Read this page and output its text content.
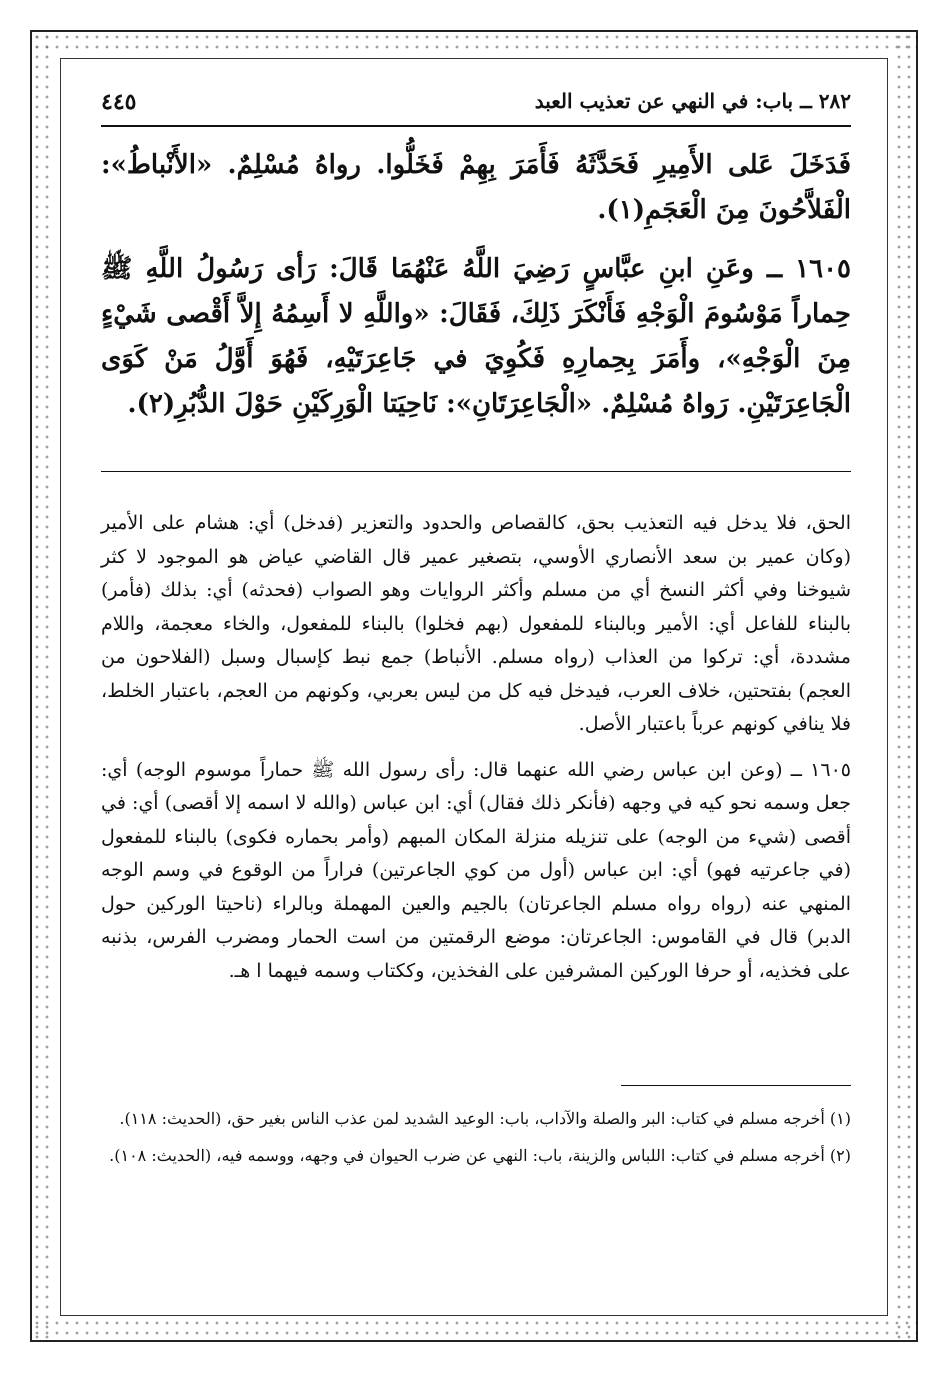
٤٤٥	٢٨٢ ــ باب: في النهي عن تعذيب العبد

فَدَخَلَ عَلى الأَمِيرِ فَحَدَّثَهُ فَأَمَرَ بِهِمْ فَخَلُّوا. رواهُ مُسْلِمٌ. «الأَنْباطُ»: الْفَلاَّحُونَ مِنَ الْعَجَمِ(١).

١٦٠٥ ــ وعَنِ ابنِ عبَّاسٍ رَضِيَ اللَّهُ عَنْهُمَا قَالَ: رَأى رَسُولُ اللَّهِ ﷺ حِماراً مَوْسُومَ الْوَجْهِ فَأَنْكَرَ ذَلِكَ، فَقَالَ: «واللَّهِ لا أَسِمُهُ إِلاَّ أَقْصى شَيْءٍ مِنَ الْوَجْهِ»، وأَمَرَ بِحِمارِهِ فَكُوِيَ في جَاعِرَتَيْهِ، فَهُوَ أَوَّلُ مَنْ كَوَى الْجَاعِرَتَيْنِ. رَواهُ مُسْلِمٌ. «الْجَاعِرَتَانِ»: نَاحِيَتا الْوَرِكَيْنِ حَوْلَ الدُّبُرِ(٢).

الحق، فلا يدخل فيه التعذيب بحق، كالقصاص والحدود والتعزير (فدخل) أي: هشام على الأمير (وكان عمير بن سعد الأنصاري الأوسي، بتصغير عمير قال القاضي عياض هو الموجود لا كثر شيوخنا وفي أكثر النسخ أي من مسلم وأكثر الروايات وهو الصواب (فحدثه) أي: بذلك (فأمر) بالبناء للفاعل أي: الأمير وبالبناء للمفعول (بهم فخلوا) بالبناء للمفعول، والخاء معجمة، واللام مشددة، أي: تركوا من العذاب (رواه مسلم. الأنباط) جمع نبط كإسبال وسبل (الفلاحون من العجم) بفتحتين، خلاف العرب، فيدخل فيه كل من ليس بعربي، وكونهم من العجم، باعتبار الخلط، فلا ينافي كونهم عرباً باعتبار الأصل.

١٦٠٥ ــ (وعن ابن عباس رضي الله عنهما قال: رأى رسول الله ﷺ حماراً موسوم الوجه) أي: جعل وسمه نحو كيه في وجهه (فأنكر ذلك فقال) أي: ابن عباس (والله لا اسمه إلا أقصى) أي: في أقصى (شيء من الوجه) على تنزيله منزلة المكان المبهم (وأمر بحماره فكوى) بالبناء للمفعول (في جاعرتيه فهو) أي: ابن عباس (أول من كوي الجاعرتين) فراراً من الوقوع في وسم الوجه المنهي عنه (رواه رواه مسلم الجاعرتان) بالجيم والعين المهملة وبالراء (ناحيتا الوركين حول الدبر) قال في القاموس: الجاعرتان: موضع الرقمتين من است الحمار ومضرب الفرس، بذنبه على فخذيه، أو حرفا الوركين المشرفين على الفخذين، وككتاب وسمه فيهما ا هـ.

(١) أخرجه مسلم في كتاب: البر والصلة والآداب، باب: الوعيد الشديد لمن عذب الناس بغير حق، (الحديث: ١١٨).

(٢) أخرجه مسلم في كتاب: اللباس والزينة، باب: النهي عن ضرب الحيوان في وجهه، ووسمه فيه، (الحديث: ١٠٨).
